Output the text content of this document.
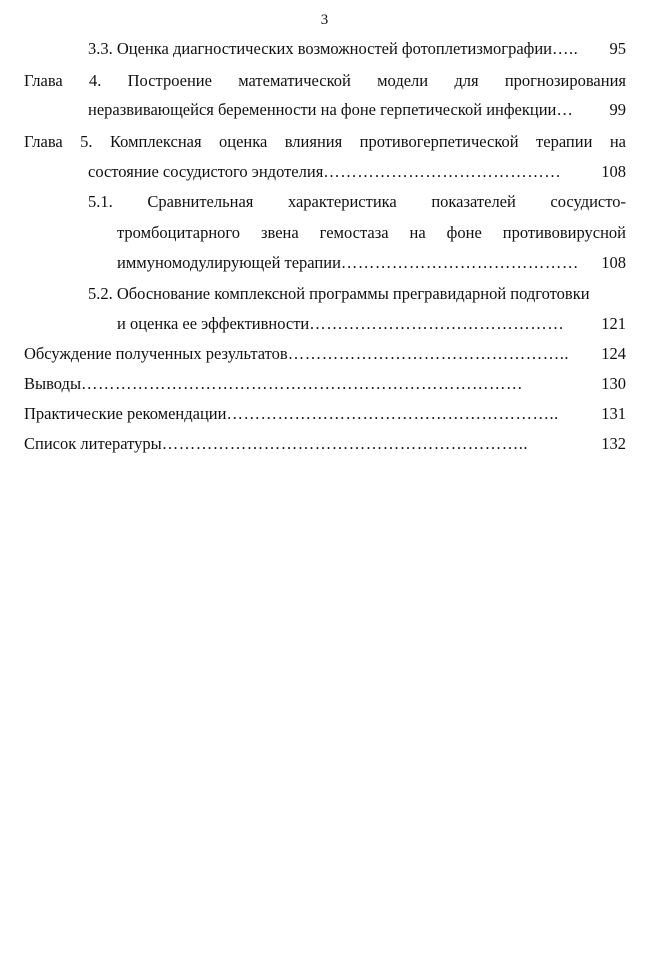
3
3.3. Оценка диагностических возможностей фотоплетизмографии …..	95
Глава 4. Построение математической модели для прогнозирования
неразвивающейся беременности на фоне герпетической инфекции …	99
Глава 5. Комплексная оценка влияния противогерпетической терапии на
состояние сосудистого эндотелия ……………………………………	108
5.1. Сравнительная характеристика показателей сосудисто-
тромбоцитарного звена гемостаза на фоне противовирусной
иммуномодулирующей терапии ……………………………………	108
5.2. Обоснование комплексной программы прегравидарной подготовки
и оценка ее эффективности ………………………………………	121
Обсуждение полученных результатов …………………………………………..	124
Выводы ……………………………………………………………………	130
Практические рекомендации …………………………………………………..	131
Список литературы ………………………………………………………..	132
